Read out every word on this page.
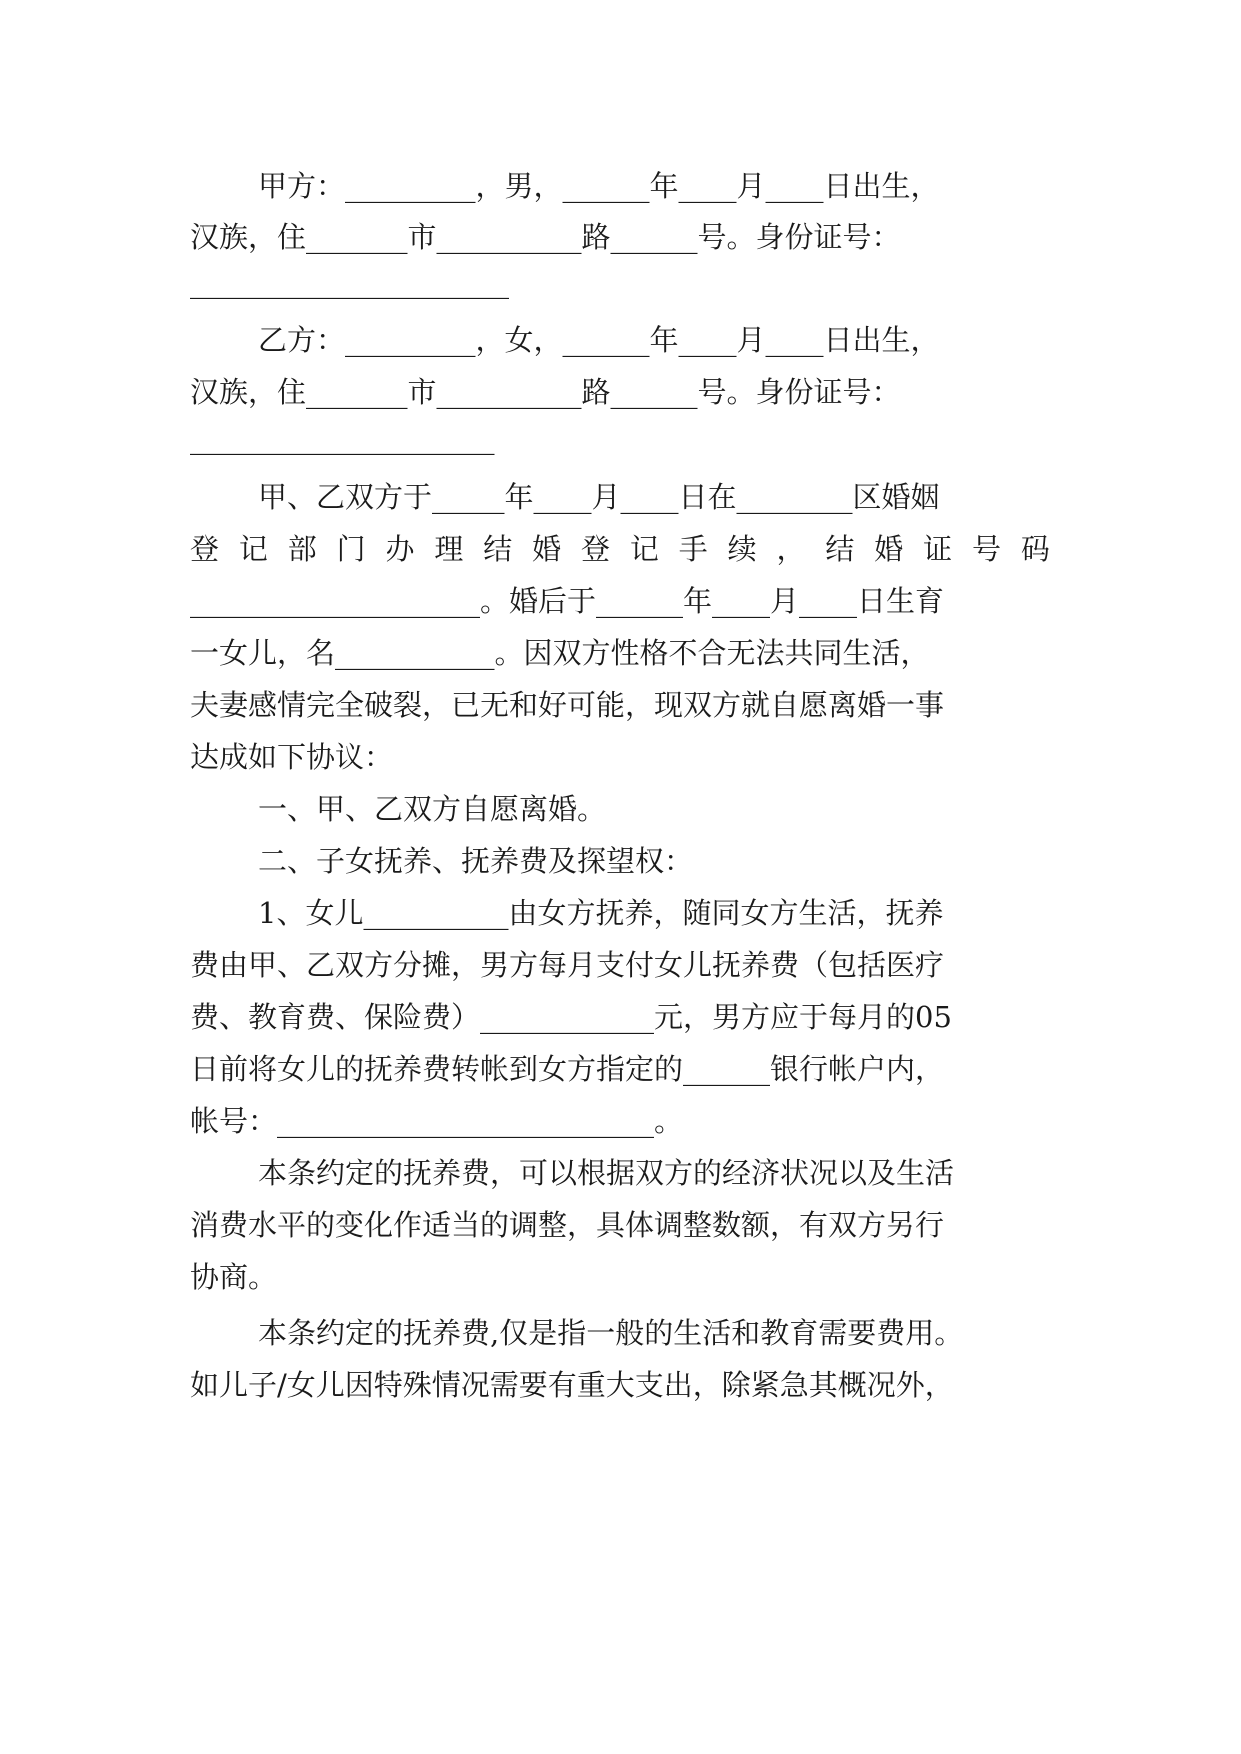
甲方：_________，男，______年____月____日出生，
汉族，住_______市__________路______号。身份证号：
______________________
乙方：_________，女，______年____月____日出生，
汉族，住_______市__________路______号。身份证号：
_____________________
甲、乙双方于_____年____月____日在________区婚姻
登 记 部 门 办 理 结 婚 登 记 手 续 ， 结 婚 证 号 码
____________________。婚后于______年____月____日生育
一女儿，名___________。因双方性格不合无法共同生活，
夫妻感情完全破裂，已无和好可能，现双方就自愿离婚一事
达成如下协议：
一、甲、乙双方自愿离婚。
二、子女抚养、抚养费及探望权：
1、女儿__________由女方抚养，随同女方生活，抚养
费由甲、乙双方分摊，男方每月支付女儿抚养费（包括医疗
费、教育费、保险费）____________元，男方应于每月的05
日前将女儿的抚养费转帐到女方指定的______银行帐户内，
帐号：__________________________。
本条约定的抚养费，可以根据双方的经济状况以及生活
消费水平的变化作适当的调整，具体调整数额，有双方另行
协商。
本条约定的抚养费,仅是指一般的生活和教育需要费用。
如儿子/女儿因特殊情况需要有重大支出，除紧急其概况外，
